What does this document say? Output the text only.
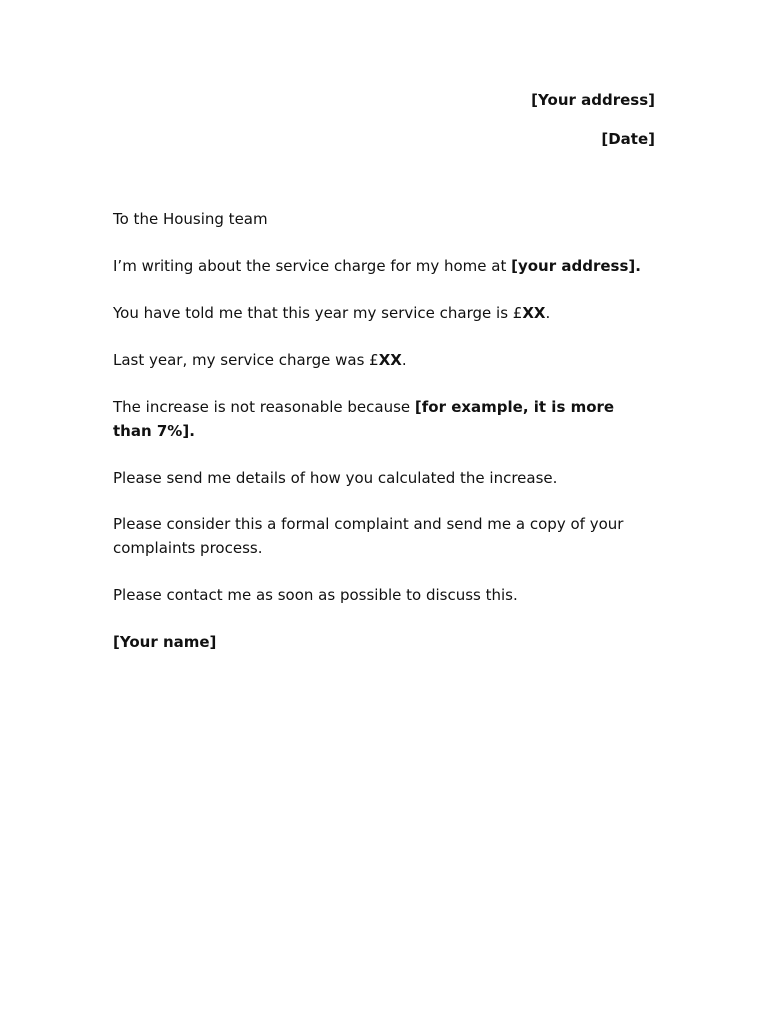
[Your address]
[Date]

To the Housing team

I’m writing about the service charge for my home at [your address].

You have told me that this year my service charge is £XX.

Last year, my service charge was £XX.

The increase is not reasonable because [for example, it is more than 7%].

Please send me details of how you calculated the increase.

Please consider this a formal complaint and send me a copy of your complaints process.

Please contact me as soon as possible to discuss this.

[Your name]
